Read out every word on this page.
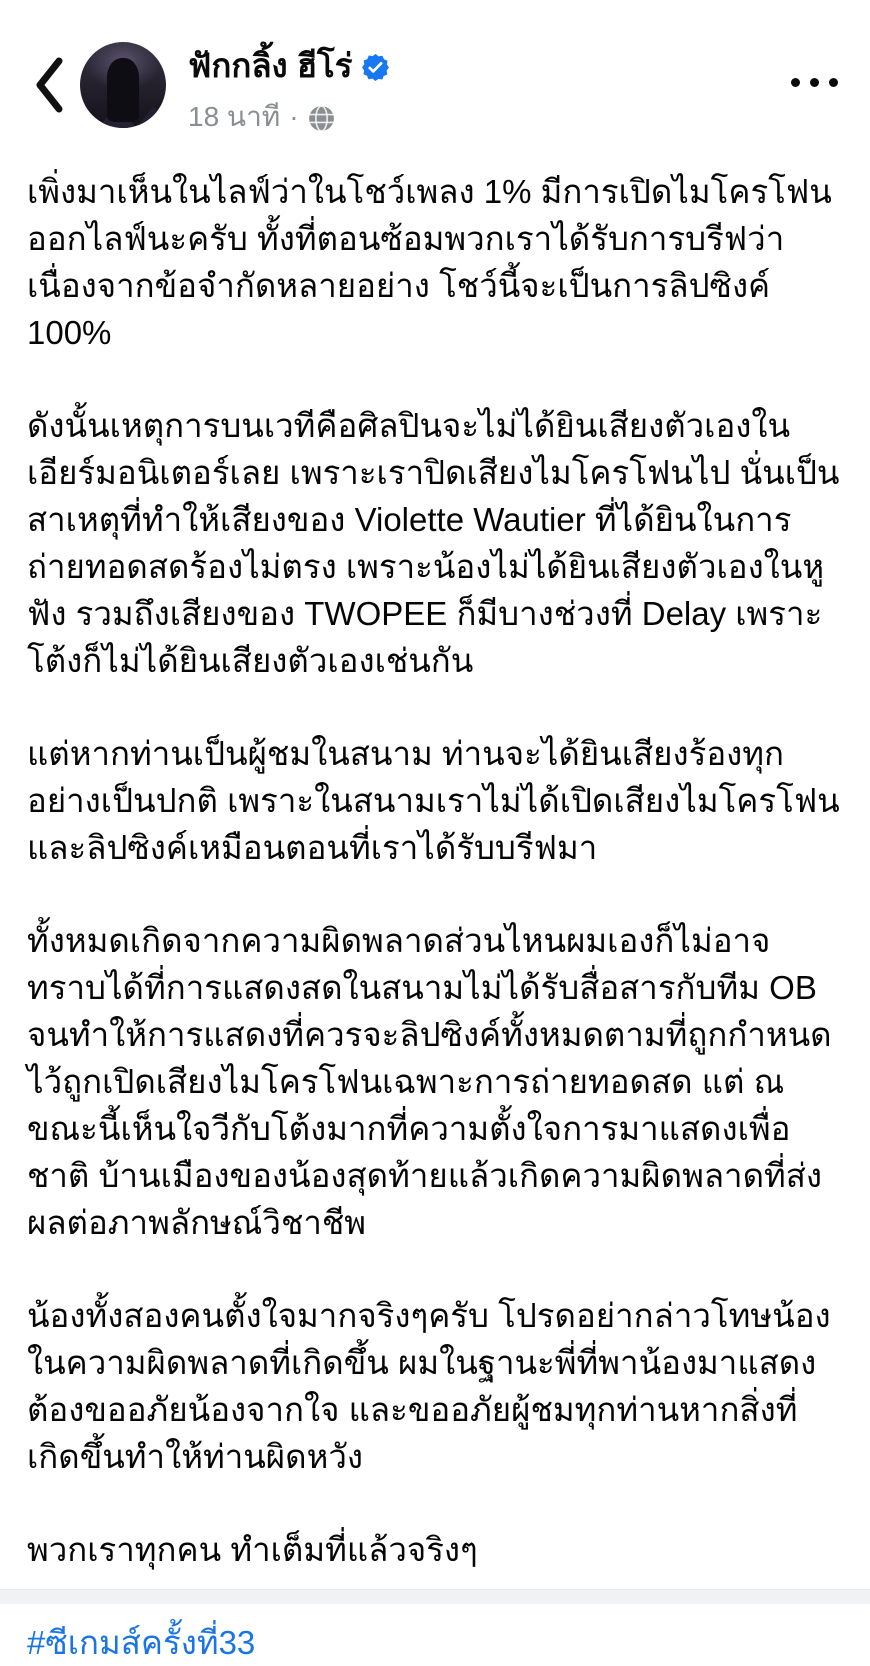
ฟักกลิ้ง ฮีโร่
18 นาที ·

เพิ่งมาเห็นในไลฟ์ว่าในโชว์เพลง 1% มีการเปิดไมโครโฟนออกไลฟ์นะครับ ทั้งที่ตอนซ้อมพวกเราได้รับการบรีฟว่าเนื่องจากข้อจำกัดหลายอย่าง โชว์นี้จะเป็นการลิปซิงค์ 100%

ดังนั้นเหตุการบนเวทีคือศิลปินจะไม่ได้ยินเสียงตัวเองในเอียร์มอนิเตอร์เลย เพราะเราปิดเสียงไมโครโฟนไป นั่นเป็นสาเหตุที่ทำให้เสียงของ Violette Wautier ที่ได้ยินในการถ่ายทอดสดร้องไม่ตรง เพราะน้องไม่ได้ยินเสียงตัวเองในหูฟัง รวมถึงเสียงของ TWOPEE ก็มีบางช่วงที่ Delay เพราะโต้งก็ไม่ได้ยินเสียงตัวเองเช่นกัน

แต่หากท่านเป็นผู้ชมในสนาม ท่านจะได้ยินเสียงร้องทุกอย่างเป็นปกติ เพราะในสนามเราไม่ได้เปิดเสียงไมโครโฟนและลิปซิงค์เหมือนตอนที่เราได้รับบรีฟมา

ทั้งหมดเกิดจากความผิดพลาดส่วนไหนผมเองก็ไม่อาจทราบได้ที่การแสดงสดในสนามไม่ได้รับสื่อสารกับทีม OB จนทำให้การแสดงที่ควรจะลิปซิงค์ทั้งหมดตามที่ถูกกำหนดไว้ถูกเปิดเสียงไมโครโฟนเฉพาะการถ่ายทอดสด แต่ ณ ขณะนี้เห็นใจวีกับโต้งมากที่ความตั้งใจการมาแสดงเพื่อชาติ บ้านเมืองของน้องสุดท้ายแล้วเกิดความผิดพลาดที่ส่งผลต่อภาพลักษณ์วิชาชีพ

น้องทั้งสองคนตั้งใจมากจริงๆครับ โปรดอย่ากล่าวโทษน้องในความผิดพลาดที่เกิดขึ้น ผมในฐานะพี่ที่พาน้องมาแสดงต้องขออภัยน้องจากใจ และขออภัยผู้ชมทุกท่านหากสิ่งที่เกิดขึ้นทำให้ท่านผิดหวัง

พวกเราทุกคน ทำเต็มที่แล้วจริงๆ

#ซีเกมส์ครั้งที่33
